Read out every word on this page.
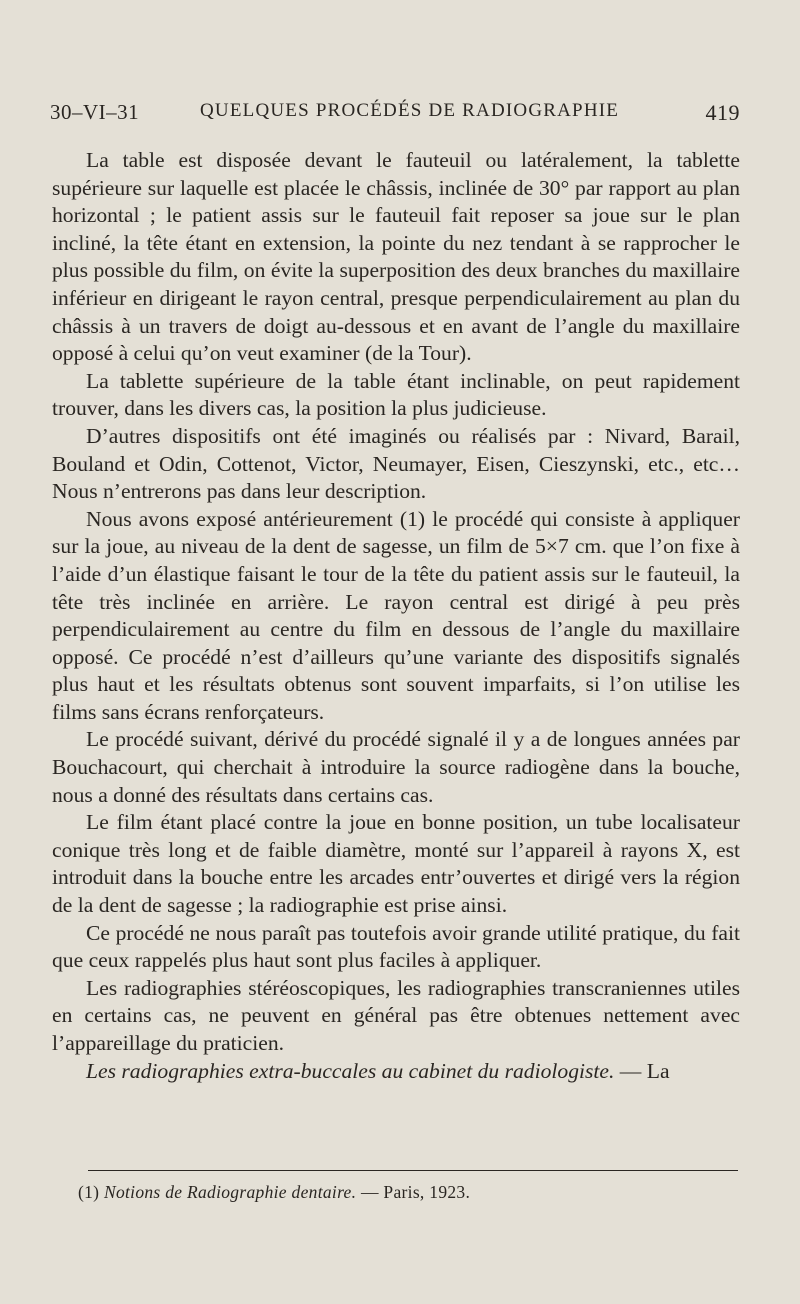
30–VI–31	QUELQUES PROCÉDÉS DE RADIOGRAPHIE	419

La table est disposée devant le fauteuil ou latéralement, la tablette supérieure sur laquelle est placée le châssis, inclinée de 30° par rapport au plan horizontal ; le patient assis sur le fauteuil fait reposer sa joue sur le plan incliné, la tête étant en extension, la pointe du nez tendant à se rapprocher le plus possible du film, on évite la superposition des deux branches du maxillaire inférieur en dirigeant le rayon central, presque perpendiculairement au plan du châssis à un travers de doigt au-dessous et en avant de l’angle du maxillaire opposé à celui qu’on veut examiner (de la Tour).

La tablette supérieure de la table étant inclinable, on peut rapidement trouver, dans les divers cas, la position la plus judicieuse.

D’autres dispositifs ont été imaginés ou réalisés par : Nivard, Barail, Bouland et Odin, Cottenot, Victor, Neumayer, Eisen, Cieszynski, etc., etc… Nous n’entrerons pas dans leur description.

Nous avons exposé antérieurement (1) le procédé qui consiste à appliquer sur la joue, au niveau de la dent de sagesse, un film de 5×7 cm. que l’on fixe à l’aide d’un élastique faisant le tour de la tête du patient assis sur le fauteuil, la tête très inclinée en arrière. Le rayon central est dirigé à peu près perpendiculairement au centre du film en dessous de l’angle du maxillaire opposé. Ce procédé n’est d’ailleurs qu’une variante des dispositifs signalés plus haut et les résultats obtenus sont souvent imparfaits, si l’on utilise les films sans écrans renforçateurs.

Le procédé suivant, dérivé du procédé signalé il y a de longues années par Bouchacourt, qui cherchait à introduire la source radiogène dans la bouche, nous a donné des résultats dans certains cas.

Le film étant placé contre la joue en bonne position, un tube localisateur conique très long et de faible diamètre, monté sur l’appareil à rayons X, est introduit dans la bouche entre les arcades entr’ouvertes et dirigé vers la région de la dent de sagesse ; la radiographie est prise ainsi.

Ce procédé ne nous paraît pas toutefois avoir grande utilité pratique, du fait que ceux rappelés plus haut sont plus faciles à appliquer.

Les radiographies stéréoscopiques, les radiographies transcraniennes utiles en certains cas, ne peuvent en général pas être obtenues nettement avec l’appareillage du praticien.

Les radiographies extra-buccales au cabinet du radiologiste. — La

(1) Notions de Radiographie dentaire. — Paris, 1923.
